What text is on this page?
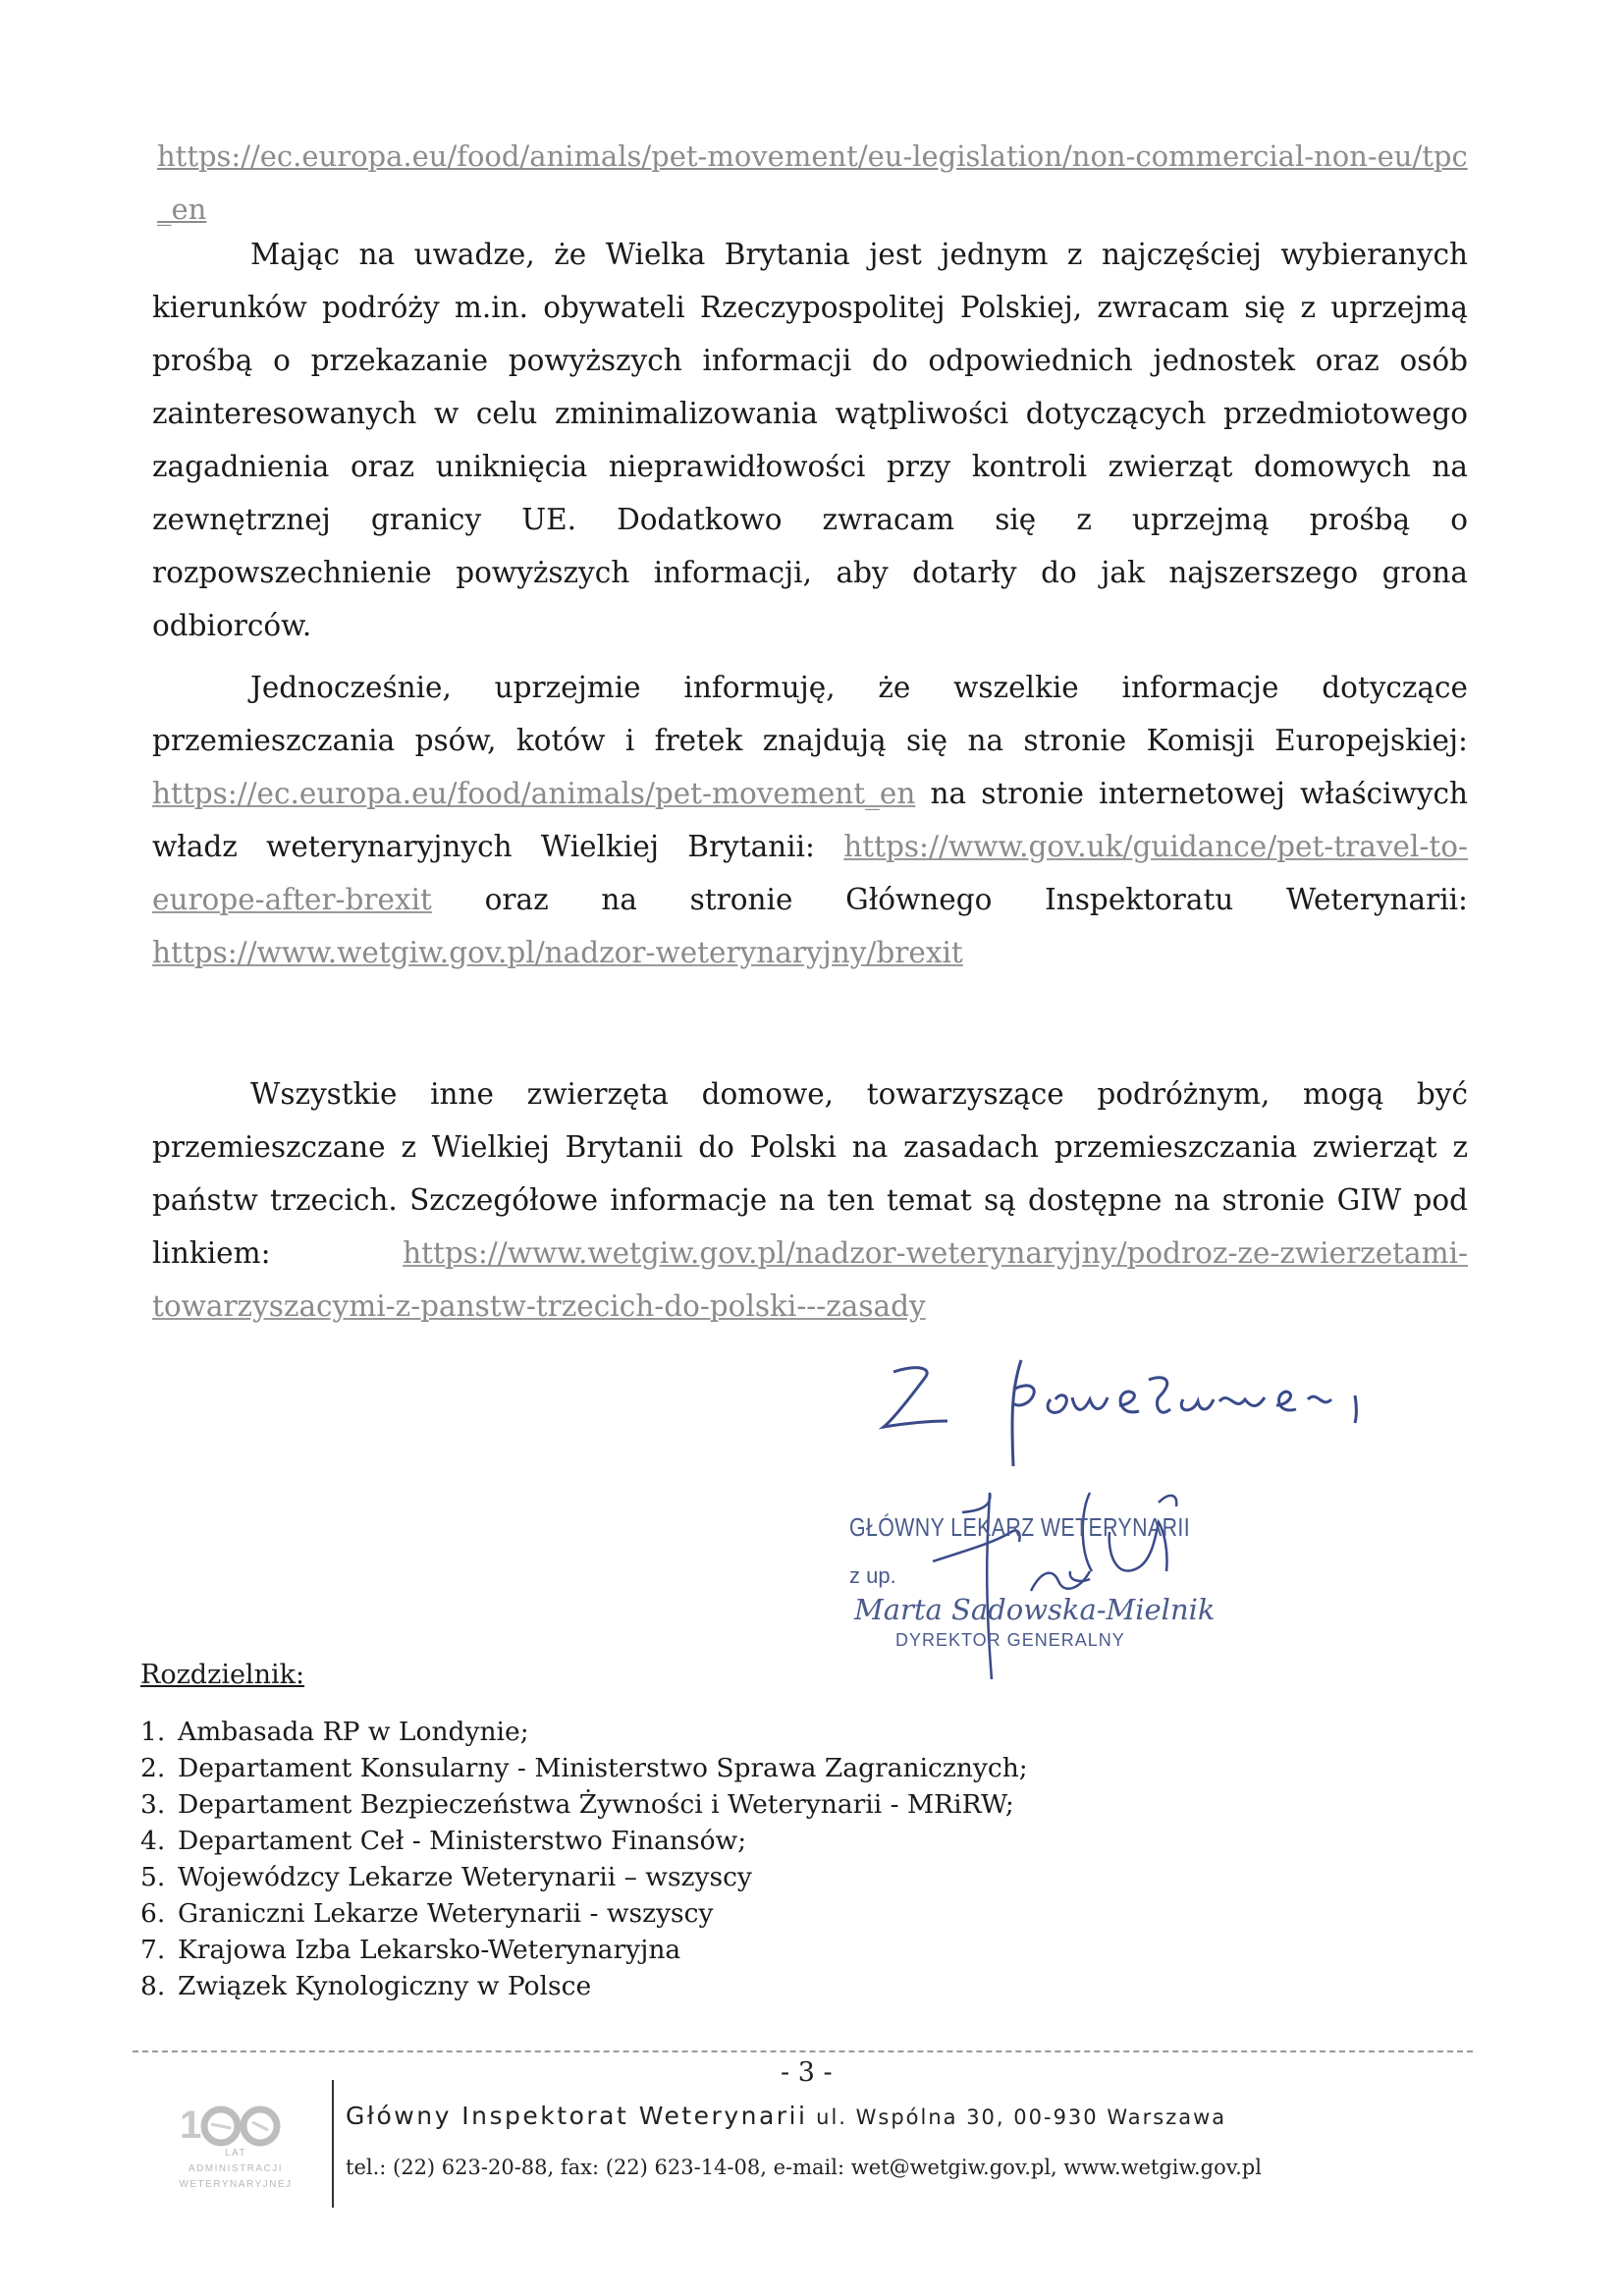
https://ec.europa.eu/food/animals/pet-movement/eu-legislation/non-commercial-non-eu/tpc_en

Mając na uwadze, że Wielka Brytania jest jednym z najczęściej wybieranych kierunków podróży m.in. obywateli Rzeczypospolitej Polskiej, zwracam się z uprzejmą prośbą o przekazanie powyższych informacji do odpowiednich jednostek oraz osób zainteresowanych w celu zminimalizowania wątpliwości dotyczących przedmiotowego zagadnienia oraz uniknięcia nieprawidłowości przy kontroli zwierząt domowych na zewnętrznej granicy UE. Dodatkowo zwracam się z uprzejmą prośbą o rozpowszechnienie powyższych informacji, aby dotarły do jak najszerszego grona odbiorców.

Jednocześnie, uprzejmie informuję, że wszelkie informacje dotyczące przemieszczania psów, kotów i fretek znajdują się na stronie Komisji Europejskiej: https://ec.europa.eu/food/animals/pet-movement_en na stronie internetowej właściwych władz weterynaryjnych Wielkiej Brytanii: https://www.gov.uk/guidance/pet-travel-to-europe-after-brexit oraz na stronie Głównego Inspektoratu Weterynarii: https://www.wetgiw.gov.pl/nadzor-weterynaryjny/brexit

Wszystkie inne zwierzęta domowe, towarzyszące podróżnym, mogą być przemieszczane z Wielkiej Brytanii do Polski na zasadach przemieszczania zwierząt z państw trzecich. Szczegółowe informacje na ten temat są dostępne na stronie GIW pod linkiem: https://www.wetgiw.gov.pl/nadzor-weterynaryjny/podroz-ze-zwierzetami-towarzyszacymi-z-panstw-trzecich-do-polski---zasady

GŁÓWNY LEKARZ WETERYNARII
z up.
Marta Sadowska-Mielnik
DYREKTOR GENERALNY
Rozdzielnik:
1. Ambasada RP w Londynie;
2. Departament Konsularny - Ministerstwo Sprawa Zagranicznych;
3. Departament Bezpieczeństwa Żywności i Weterynarii - MRiRW;
4. Departament Ceł - Ministerstwo Finansów;
5. Wojewódzcy Lekarze Weterynarii – wszyscy
6. Graniczni Lekarze Weterynarii - wszyscy
7. Krajowa Izba Lekarsko-Weterynaryjna
8. Związek Kynologiczny w Polsce
- 3 -
1
LAT
ADMINISTRACJI
WETERYNARYJNEJ
Główny Inspektorat Weterynarii ul. Wspólna 30, 00-930 Warszawa
tel.: (22) 623-20-88, fax: (22) 623-14-08, e-mail: wet@wetgiw.gov.pl, www.wetgiw.gov.pl
